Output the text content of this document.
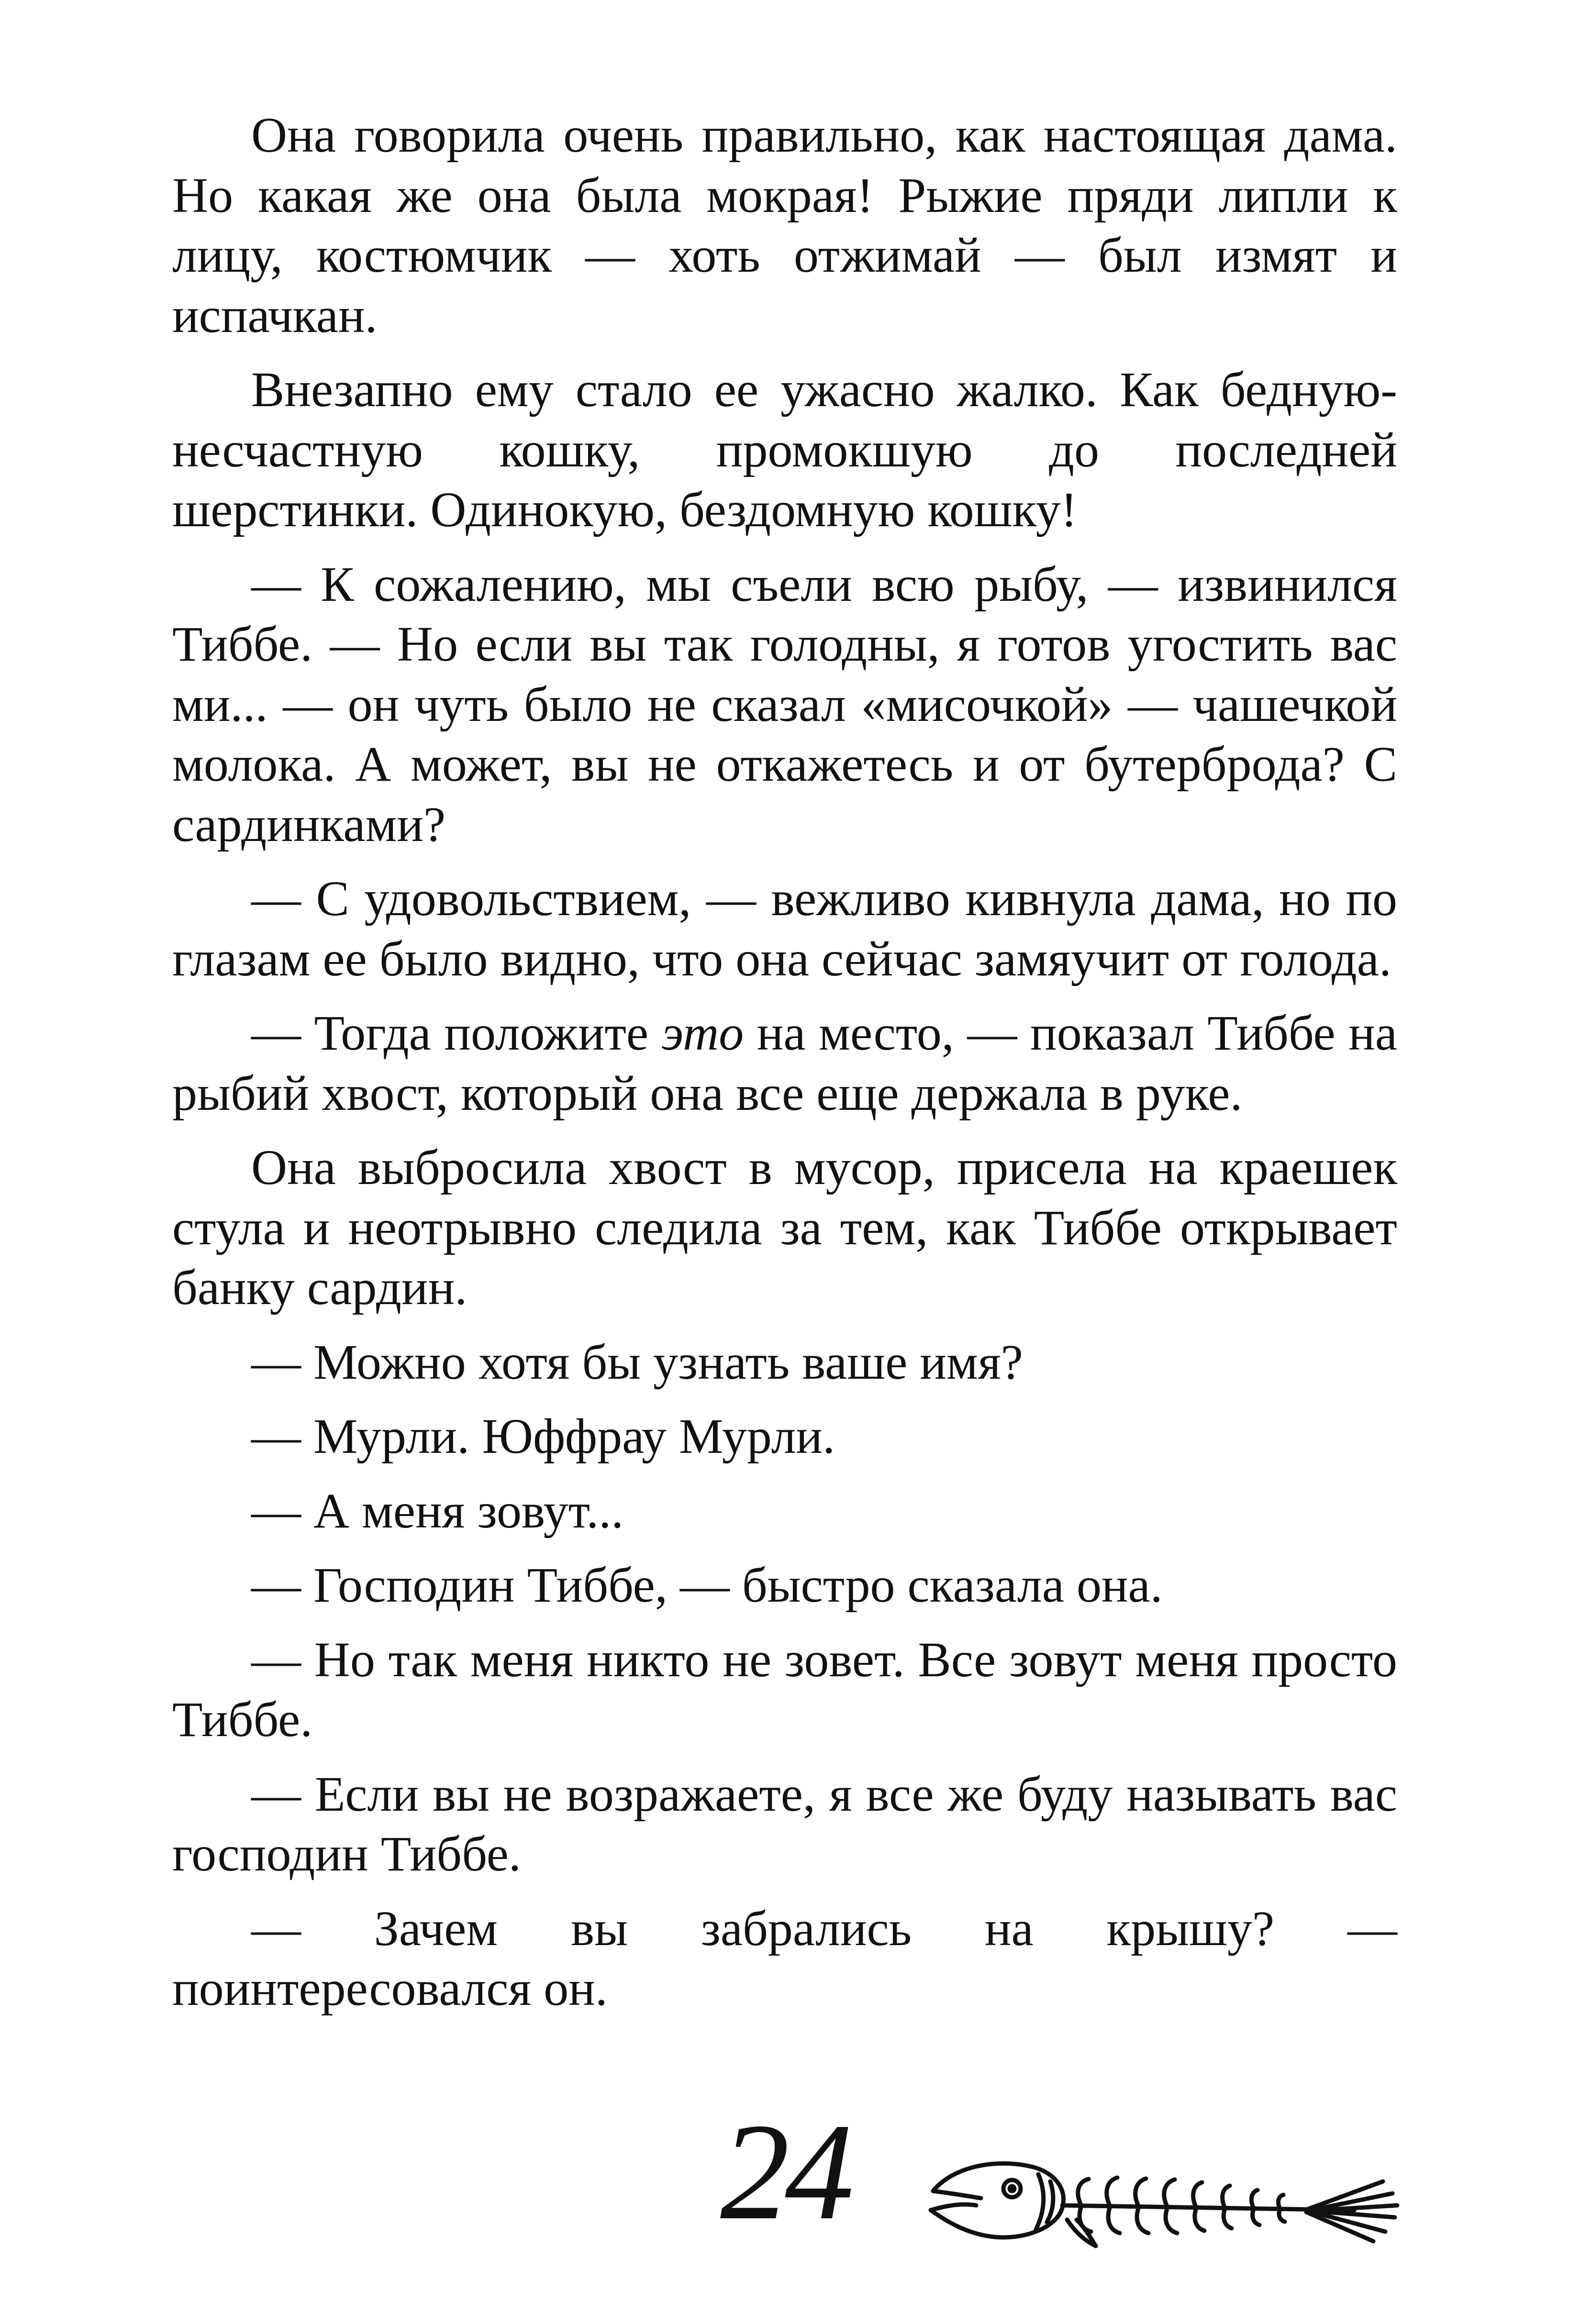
Она говорила очень правильно, как настоящая дама. Но какая же она была мокрая! Рыжие пряди липли к лицу, костюмчик — хоть отжимай — был измят и испачкан.

Внезапно ему стало ее ужасно жалко. Как бедную-несчастную кошку, промокшую до последней шерстинки. Одинокую, бездомную кошку!

— К сожалению, мы съели всю рыбу, — извинился Тиббе. — Но если вы так голодны, я готов угостить вас ми... — он чуть было не сказал «мисочкой» — чашечкой молока. А может, вы не откажетесь и от бутерброда? С сардинками?

— С удовольствием, — вежливо кивнула дама, но по глазам ее было видно, что она сейчас замяучит от голода.

— Тогда положите это на место, — показал Тиббе на рыбий хвост, который она все еще держала в руке.

Она выбросила хвост в мусор, присела на краешек стула и неотрывно следила за тем, как Тиббе открывает банку сардин.

— Можно хотя бы узнать ваше имя?

— Мурли. Юффрау Мурли.

— А меня зовут...

— Господин Тиббе, — быстро сказала она.

— Но так меня никто не зовет. Все зовут меня просто Тиббе.

— Если вы не возражаете, я все же буду называть вас господин Тиббе.

— Зачем вы забрались на крышу? — поинтересовался он.

24
